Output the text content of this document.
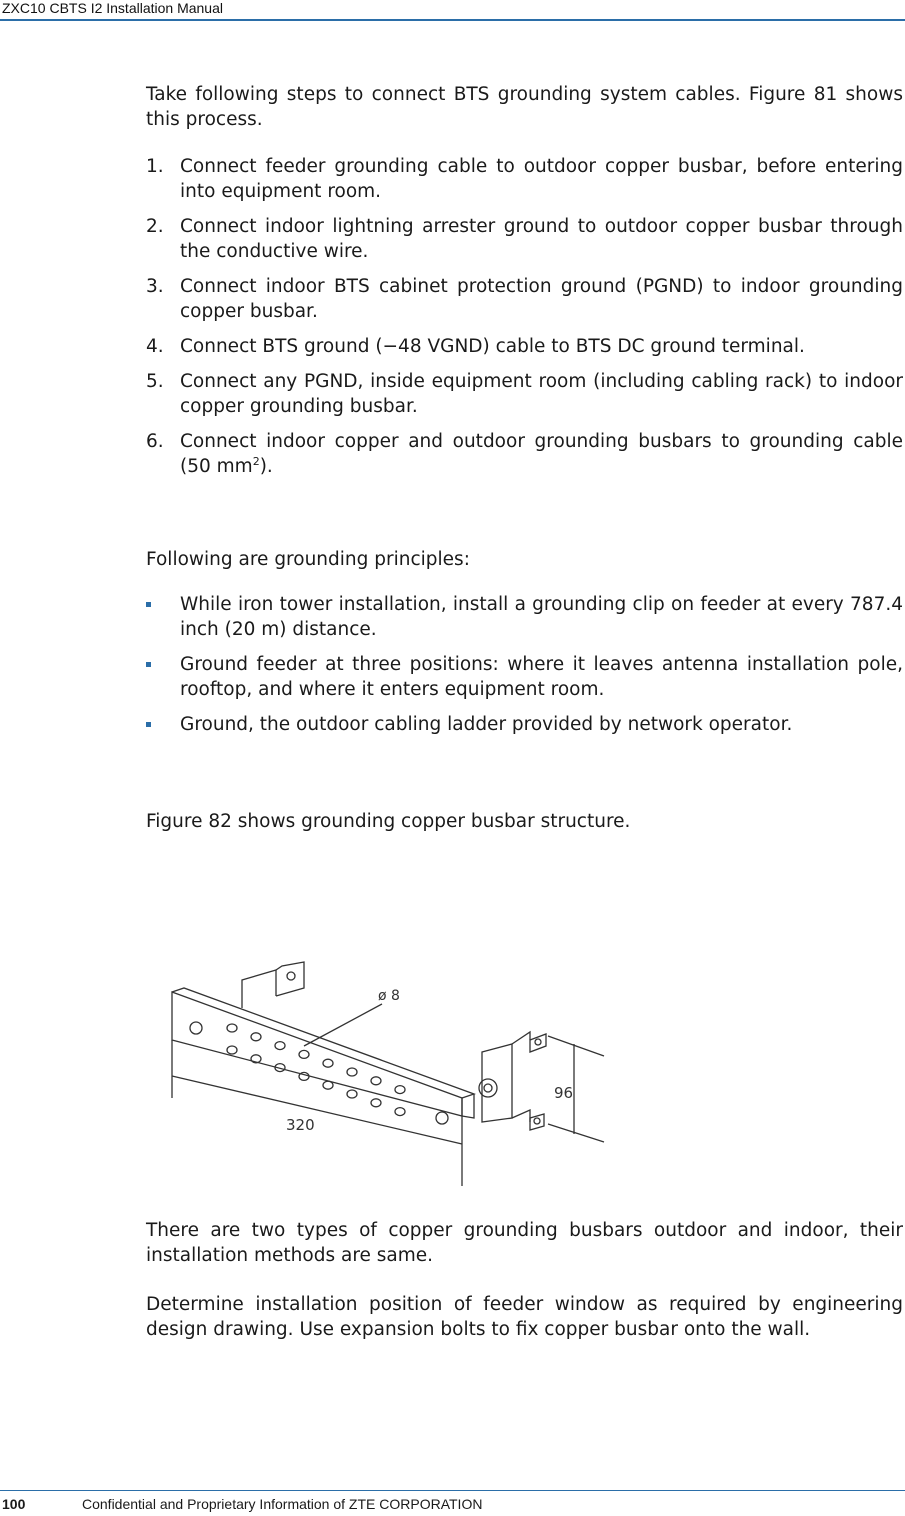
ZXC10 CBTS I2 Installation Manual

Take following steps to connect BTS grounding system cables. Figure 81 shows this process.

1. Connect feeder grounding cable to outdoor copper busbar, before entering into equipment room.
2. Connect indoor lightning arrester ground to outdoor copper busbar through the conductive wire.
3. Connect indoor BTS cabinet protection ground (PGND) to indoor grounding copper busbar.
4. Connect BTS ground (−48 VGND) cable to BTS DC ground terminal.
5. Connect any PGND, inside equipment room (including cabling rack) to indoor copper grounding busbar.
6. Connect indoor copper and outdoor grounding busbars to grounding cable (50 $mm^2$).

Following are grounding principles:

While iron tower installation, install a grounding clip on feeder at every 787.4 inch (20 m) distance.
Ground feeder at three positions: where it leaves antenna installation pole, rooftop, and where it enters equipment room.
Ground, the outdoor cabling ladder provided by network operator.

Figure 82 shows grounding copper busbar structure.

ø 8
320
96

There are two types of copper grounding busbars outdoor and indoor, their installation methods are same.

Determine installation position of feeder window as required by engineering design drawing. Use expansion bolts to fix copper busbar onto the wall.

100	Confidential and Proprietary Information of ZTE CORPORATION
